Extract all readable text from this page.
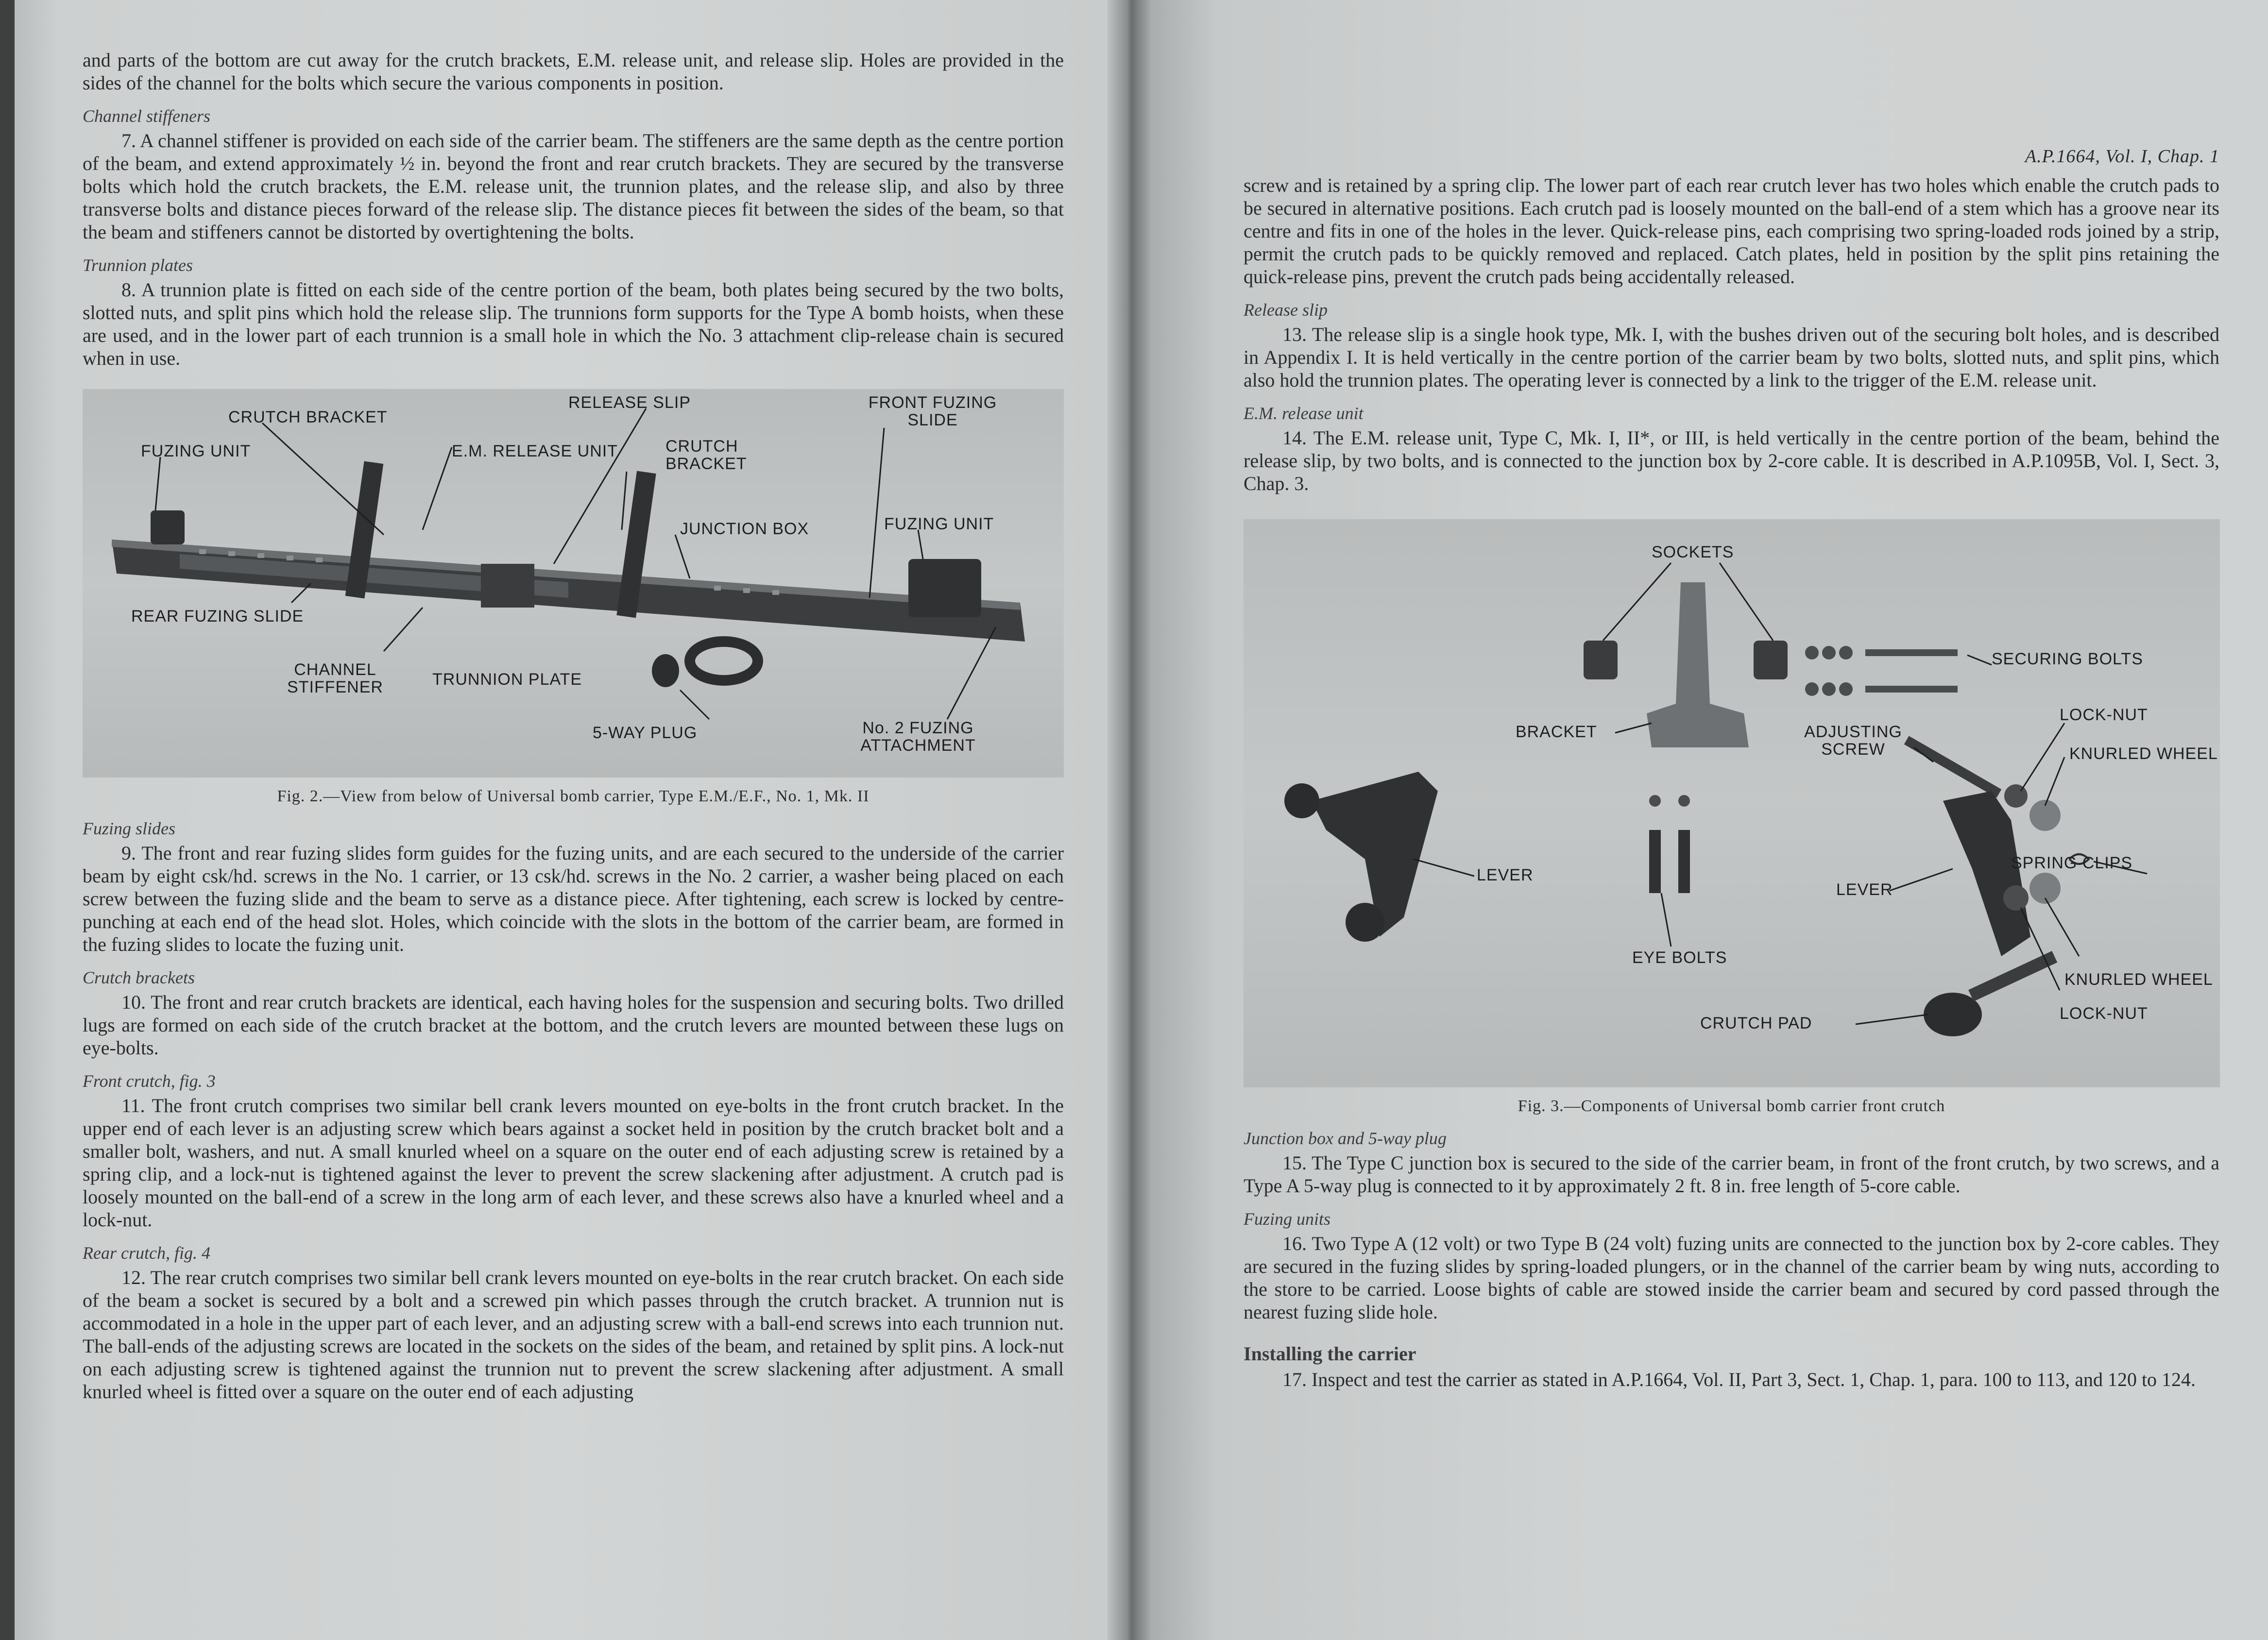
and parts of the bottom are cut away for the crutch brackets, E.M. release unit, and release slip. Holes are provided in the sides of the channel for the bolts which secure the various components in position.

Channel stiffeners
7. A channel stiffener is provided on each side of the carrier beam. The stiffeners are the same depth as the centre portion of the beam, and extend approximately ½ in. beyond the front and rear crutch brackets. They are secured by the transverse bolts which hold the crutch brackets, the E.M. release unit, the trunnion plates, and the release slip, and also by three transverse bolts and distance pieces forward of the release slip. The distance pieces fit between the sides of the beam, so that the beam and stiffeners cannot be distorted by overtightening the bolts.
Trunnion plates
8. A trunnion plate is fitted on each side of the centre portion of the beam, both plates being secured by the two bolts, slotted nuts, and split pins which hold the release slip. The trunnions form supports for the Type A bomb hoists, when these are used, and in the lower part of each trunnion is a small hole in which the No. 3 attachment clip-release chain is secured when in use.
CRUTCH BRACKET
RELEASE SLIP	FRONT FUZING SLIDE
FUZING UNIT	E.M. RELEASE UNIT	CRUTCH BRACKET
JUNCTION BOX	FUZING UNIT
REAR FUZING SLIDE
CHANNEL STIFFENER	TRUNNION PLATE
5-WAY PLUG	No. 2 FUZING ATTACHMENT
Fig. 2.—View from below of Universal bomb carrier, Type E.M./E.F., No. 1, Mk. II
Fuzing slides
9. The front and rear fuzing slides form guides for the fuzing units, and are each secured to the underside of the carrier beam by eight csk/hd. screws in the No. 1 carrier, or 13 csk/hd. screws in the No. 2 carrier, a washer being placed on each screw between the fuzing slide and the beam to serve as a distance piece. After tightening, each screw is locked by centre-punching at each end of the head slot. Holes, which coincide with the slots in the bottom of the carrier beam, are formed in the fuzing slides to locate the fuzing unit.
Crutch brackets
10. The front and rear crutch brackets are identical, each having holes for the suspension and securing bolts. Two drilled lugs are formed on each side of the crutch bracket at the bottom, and the crutch levers are mounted between these lugs on eye-bolts.
Front crutch, fig. 3
11. The front crutch comprises two similar bell crank levers mounted on eye-bolts in the front crutch bracket. In the upper end of each lever is an adjusting screw which bears against a socket held in position by the crutch bracket bolt and a smaller bolt, washers, and nut. A small knurled wheel on a square on the outer end of each adjusting screw is retained by a spring clip, and a lock-nut is tightened against the lever to prevent the screw slackening after adjustment. A crutch pad is loosely mounted on the ball-end of a screw in the long arm of each lever, and these screws also have a knurled wheel and a lock-nut.
Rear crutch, fig. 4
12. The rear crutch comprises two similar bell crank levers mounted on eye-bolts in the rear crutch bracket. On each side of the beam a socket is secured by a bolt and a screwed pin which passes through the crutch bracket. A trunnion nut is accommodated in a hole in the upper part of each lever, and an adjusting screw with a ball-end screws into each trunnion nut. The ball-ends of the adjusting screws are located in the sockets on the sides of the beam, and retained by split pins. A lock-nut on each adjusting screw is tightened against the trunnion nut to prevent the screw slackening after adjustment. A small knurled wheel is fitted over a square on the outer end of each adjusting
A.P.1664, Vol. I, Chap. 1

screw and is retained by a spring clip. The lower part of each rear crutch lever has two holes which enable the crutch pads to be secured in alternative positions. Each crutch pad is loosely mounted on the ball-end of a stem which has a groove near its centre and fits in one of the holes in the lever. Quick-release pins, each comprising two spring-loaded rods joined by a strip, permit the crutch pads to be quickly removed and replaced. Catch plates, held in position by the split pins retaining the quick-release pins, prevent the crutch pads being accidentally released.

Release slip
13. The release slip is a single hook type, Mk. I, with the bushes driven out of the securing bolt holes, and is described in Appendix I. It is held vertically in the centre portion of the carrier beam by two bolts, slotted nuts, and split pins, which also hold the trunnion plates. The operating lever is connected by a link to the trigger of the E.M. release unit.
E.M. release unit
14. The E.M. release unit, Type C, Mk. I, II*, or III, is held vertically in the centre portion of the beam, behind the release slip, by two bolts, and is connected to the junction box by 2-core cable. It is described in A.P.1095B, Vol. I, Sect. 3, Chap. 3.
SOCKETS
SECURING BOLTS
BRACKET	ADJUSTING SCREW
LOCK-NUT
KNURLED WHEEL
LEVER
SPRING CLIPS
LEVER
EYE BOLTS
KNURLED WHEEL
CRUTCH PAD
LOCK-NUT
Fig. 3.—Components of Universal bomb carrier front crutch
Junction box and 5-way plug
15. The Type C junction box is secured to the side of the carrier beam, in front of the front crutch, by two screws, and a Type A 5-way plug is connected to it by approximately 2 ft. 8 in. free length of 5-core cable.
Fuzing units
16. Two Type A (12 volt) or two Type B (24 volt) fuzing units are connected to the junction box by 2-core cables. They are secured in the fuzing slides by spring-loaded plungers, or in the channel of the carrier beam by wing nuts, according to the store to be carried. Loose bights of cable are stowed inside the carrier beam and secured by cord passed through the nearest fuzing slide hole.
Installing the carrier
17. Inspect and test the carrier as stated in A.P.1664, Vol. II, Part 3, Sect. 1, Chap. 1, para. 100 to 113, and 120 to 124.
